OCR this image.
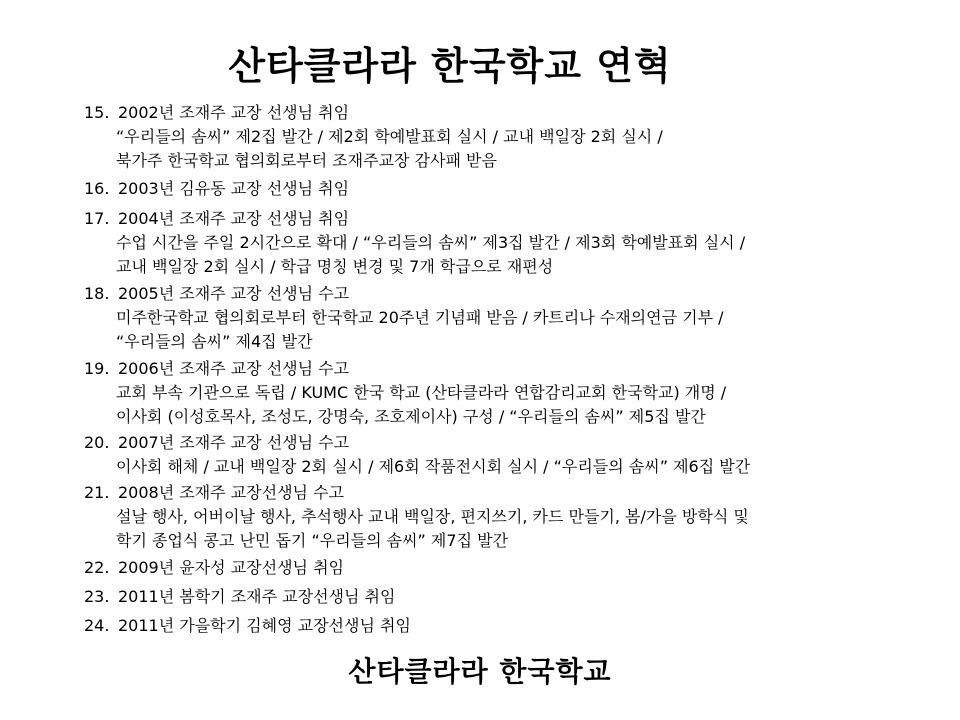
산타클라라 한국학교 연혁
15. 2002년 조재주 교장 선생님 취임
“우리들의 솜씨” 제2집 발간 / 제2회 학예발표회 실시 / 교내 백일장 2회 실시 /
북가주 한국학교 협의회로부터 조재주교장 감사패 받음
16. 2003년 김유동 교장 선생님 취임
17. 2004년 조재주 교장 선생님 취임
수업 시간을 주일 2시간으로 확대 / “우리들의 솜씨” 제3집 발간 / 제3회 학예발표회 실시 /
교내 백일장 2회 실시 / 학급 명칭 변경 및 7개 학급으로 재편성
18. 2005년 조재주 교장 선생님 수고
미주한국학교 협의회로부터 한국학교 20주년 기념패 받음 / 카트리나 수재의연금 기부 /
“우리들의 솜씨” 제4집 발간
19. 2006년 조재주 교장 선생님 수고
교회 부속 기관으로 독립 / KUMC 한국 학교 (산타클라라 연합감리교회 한국학교) 개명 /
이사회 (이성호목사, 조성도, 강명숙, 조호제이사) 구성 / “우리들의 솜씨” 제5집 발간
20. 2007년 조재주 교장 선생님 수고
이사회 해체 / 교내 백일장 2회 실시 / 제6회 작품전시회 실시 / “우리들의 솜씨” 제6집 발간
21. 2008년 조재주 교장선생님 수고
설날 행사, 어버이날 행사, 추석행사 교내 백일장, 편지쓰기, 카드 만들기, 봄/가을 방학식 및
학기 종업식 콩고 난민 돕기 “우리들의 솜씨” 제7집 발간
22. 2009년 윤자성 교장선생님 취임
23. 2011년 봄학기 조재주 교장선생님 취임
24. 2011년 가을학기 김혜영 교장선생님 취임
산타클라라 한국학교
